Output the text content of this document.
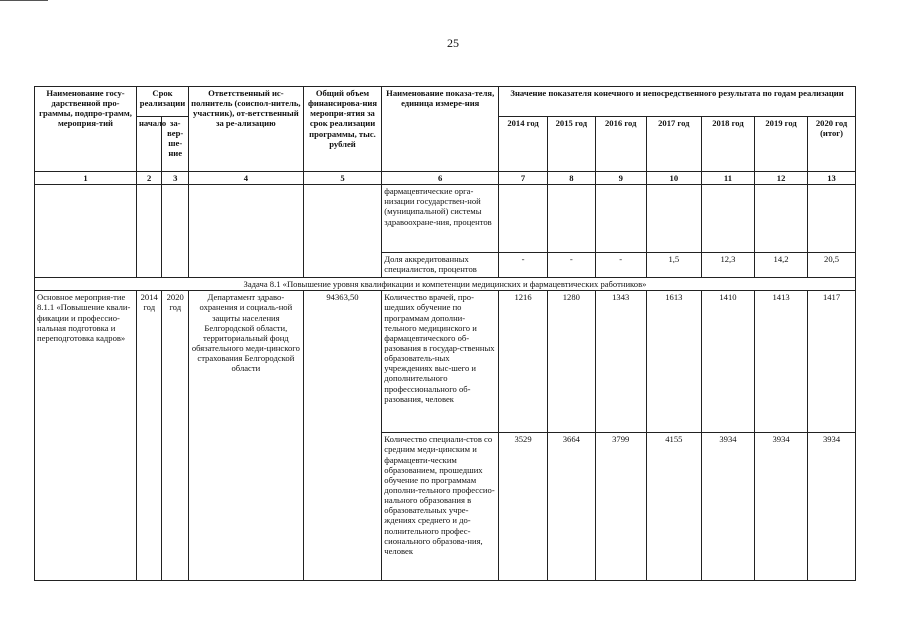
25
Наименование госу-дарственной про-граммы, подпро-грамм, мероприя-тий	Срок реализации		Ответственный ис-полнитель (соиспол-нитель, участник), от-ветственный за ре-ализацию	Общий объем финансирова-ния меропри-ятия за срок реализации программы, тыс. рублей	Наименование показа-теля, единица измере-ния	Значение показателя конечного и непосредственного результата по годам реализации						
	начало	за-вер-ше-ние				2014 год	2015 год	2016 год	2017 год	2018 год	2019 год	2020 год (итог)
1	2	3	4	5	6	7	8	9	10	11	12	13
					фармацевтические орга-низации государствен-ной (муниципальной) системы здравоохране-ния, процентов							
					Доля аккредитованных специалистов, процентов	-	-	-	1,5	12,3	14,2	20,5
Задача 8.1 «Повышение уровня квалификации и компетенции медицинских и фармацевтических работников»												
Основное мероприя-тие 8.1.1 «Повышение квали-фикации и профессио-нальная подготовка и переподготовка кадров»	2014 год	2020 год	Департамент здраво-охранения и социаль-ной защиты населения Белгородской области, территориальный фонд обязательного меди-цинского страхования Белгородской области	94363,50	Количество врачей, про-шедших обучение по программам дополни-тельного медицинского и фармацевтического об-разования в государ-ственных образователь-ных учреждениях выс-шего и дополнительного профессионального об-разования, человек	1216	1280	1343	1613	1410	1413	1417
					Количество специали-стов со средним меди-цинским и фармацевти-ческим образованием, прошедших обучение по программам дополни-тельного профессио-нального образования в образовательных учре-ждениях среднего и до-полнительного профес-сионального образова-ния, человек	3529	3664	3799	4155	3934	3934	3934
